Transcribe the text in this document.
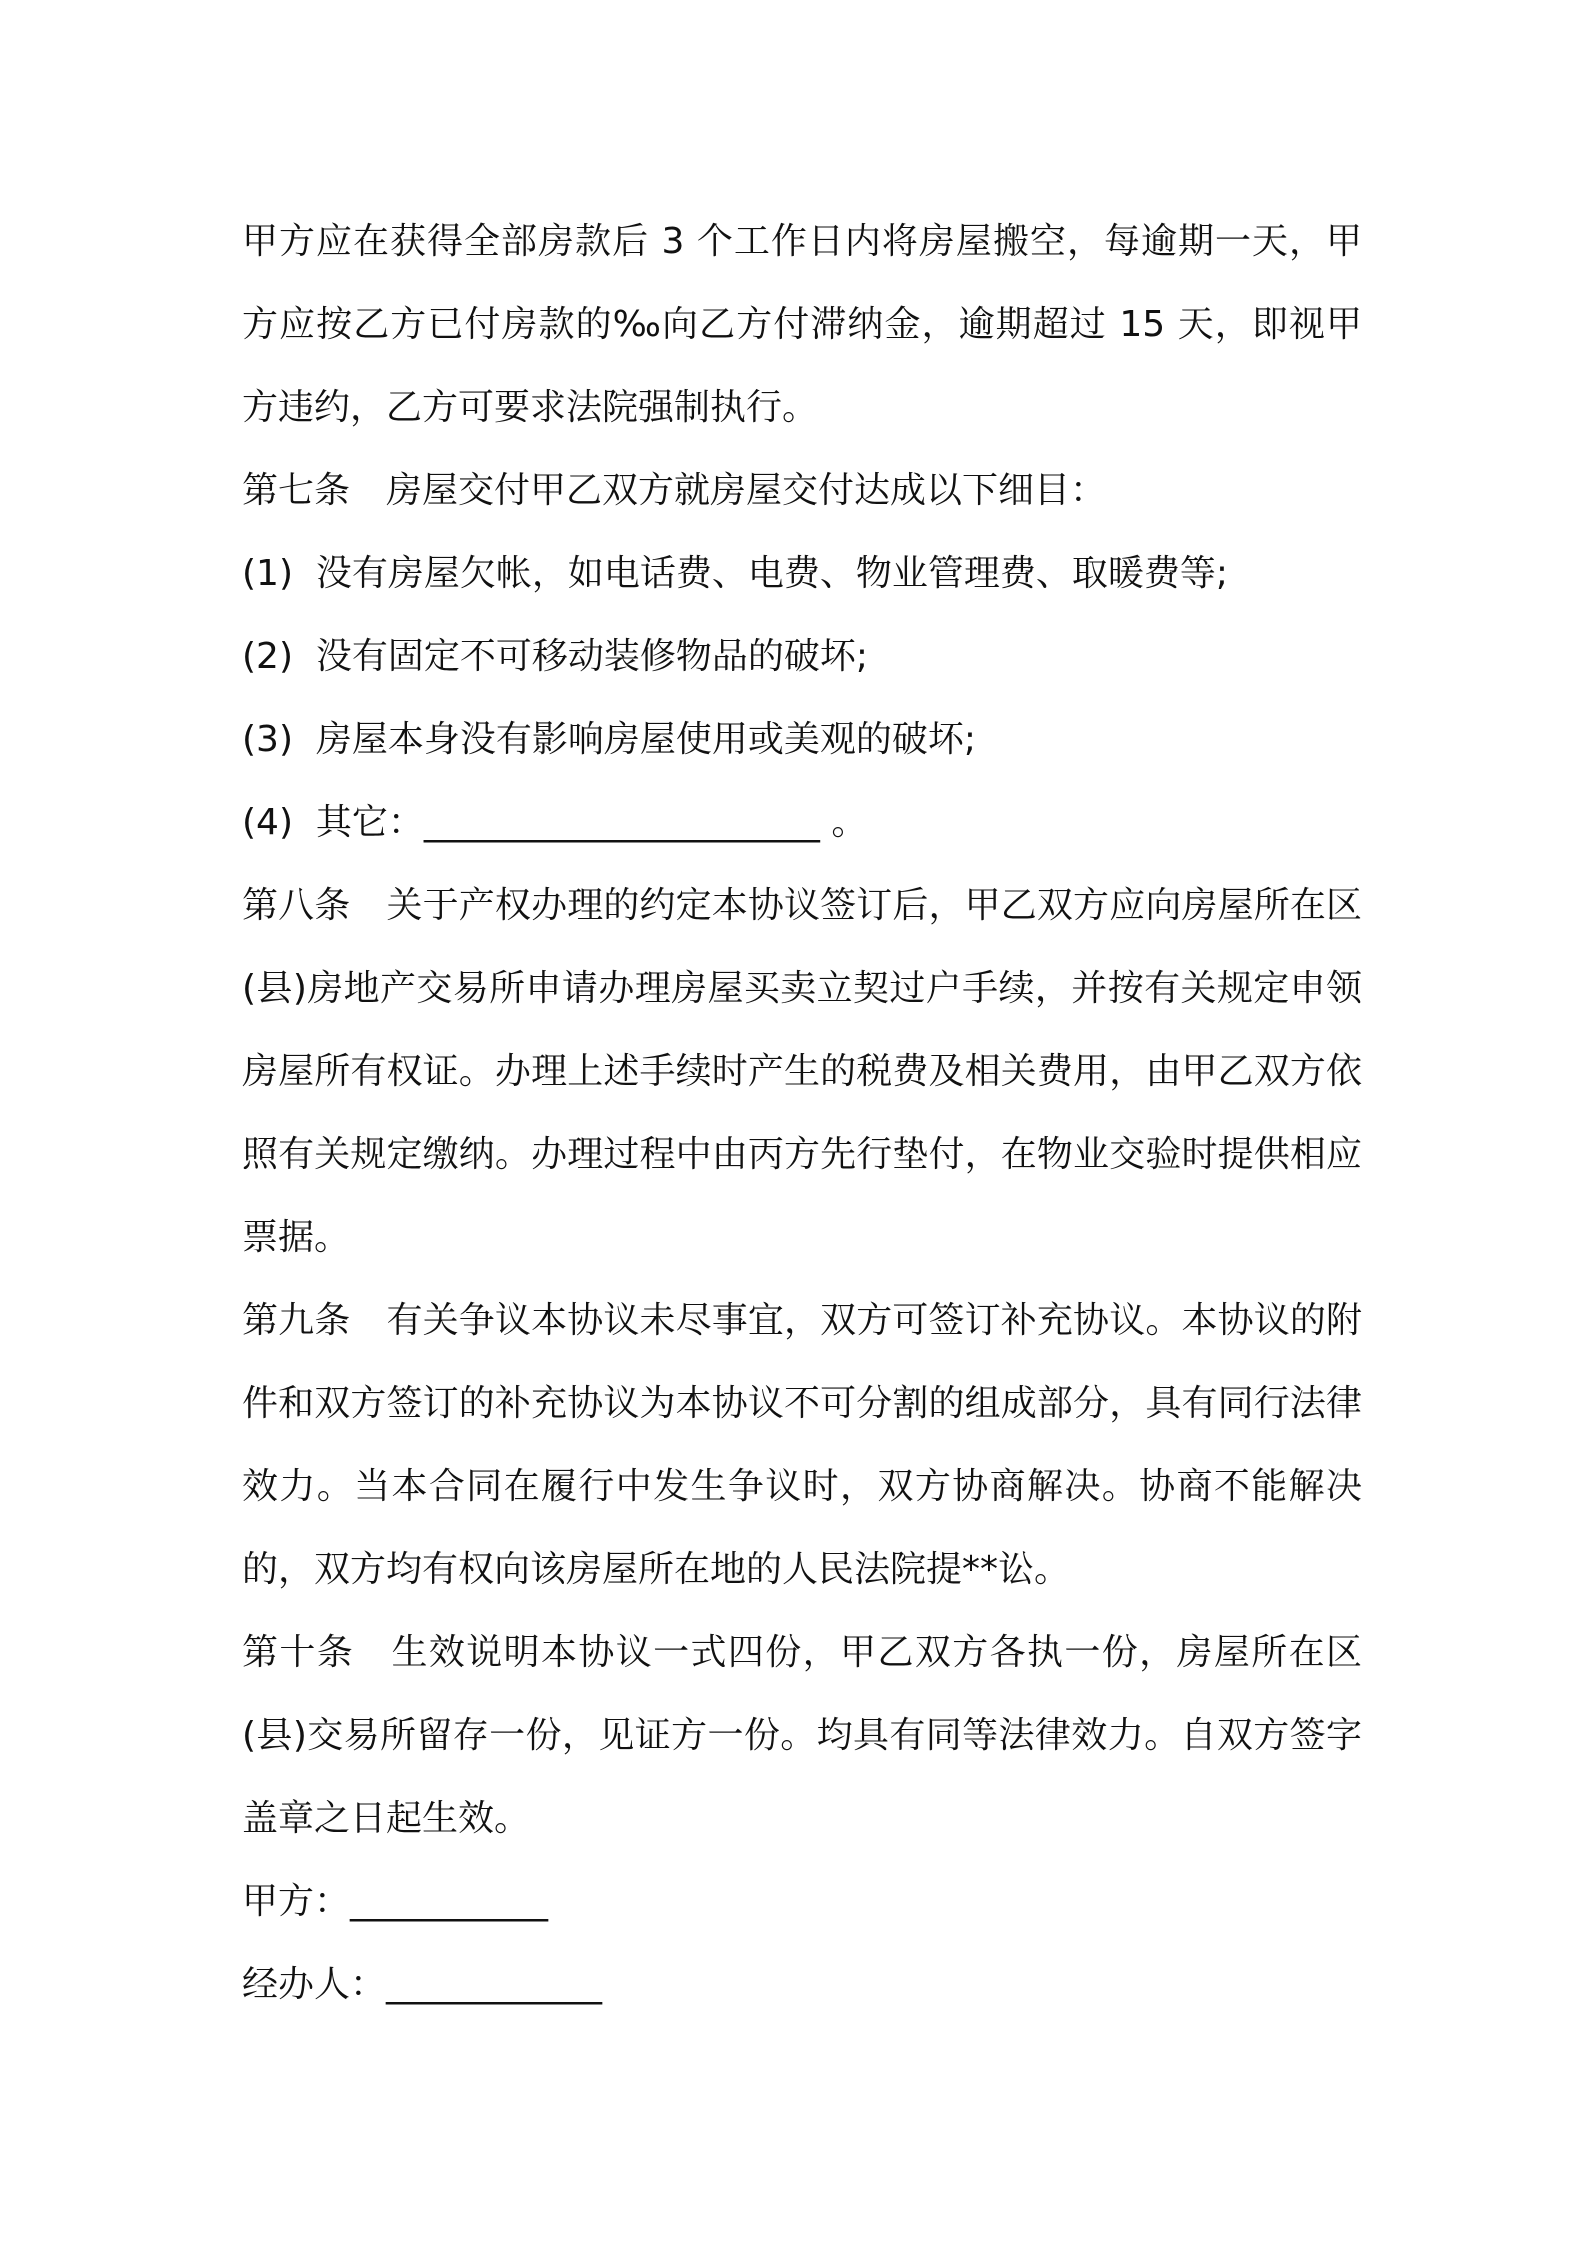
甲方应在获得全部房款后 3 个工作日内将房屋搬空，每逾期一天，甲方应按乙方已付房款的‰向乙方付滞纳金，逾期超过 15 天，即视甲方违约，乙方可要求法院强制执行。

第七条　房屋交付甲乙双方就房屋交付达成以下细目：

(1)  没有房屋欠帐，如电话费、电费、物业管理费、取暖费等;

(2)  没有固定不可移动装修物品的破坏;

(3)  房屋本身没有影响房屋使用或美观的破坏;

(4)  其它：______________________ 。

第八条　关于产权办理的约定本协议签订后，甲乙双方应向房屋所在区(县)房地产交易所申请办理房屋买卖立契过户手续，并按有关规定申领房屋所有权证。办理上述手续时产生的税费及相关费用，由甲乙双方依照有关规定缴纳。办理过程中由丙方先行垫付，在物业交验时提供相应票据。

第九条　有关争议本协议未尽事宜，双方可签订补充协议。本协议的附件和双方签订的补充协议为本协议不可分割的组成部分，具有同行法律效力。当本合同在履行中发生争议时，双方协商解决。协商不能解决的，双方均有权向该房屋所在地的人民法院提**讼。

第十条　生效说明本协议一式四份，甲乙双方各执一份，房屋所在区(县)交易所留存一份，见证方一份。均具有同等法律效力。自双方签字盖章之日起生效。

甲方：___________

经办人：____________
